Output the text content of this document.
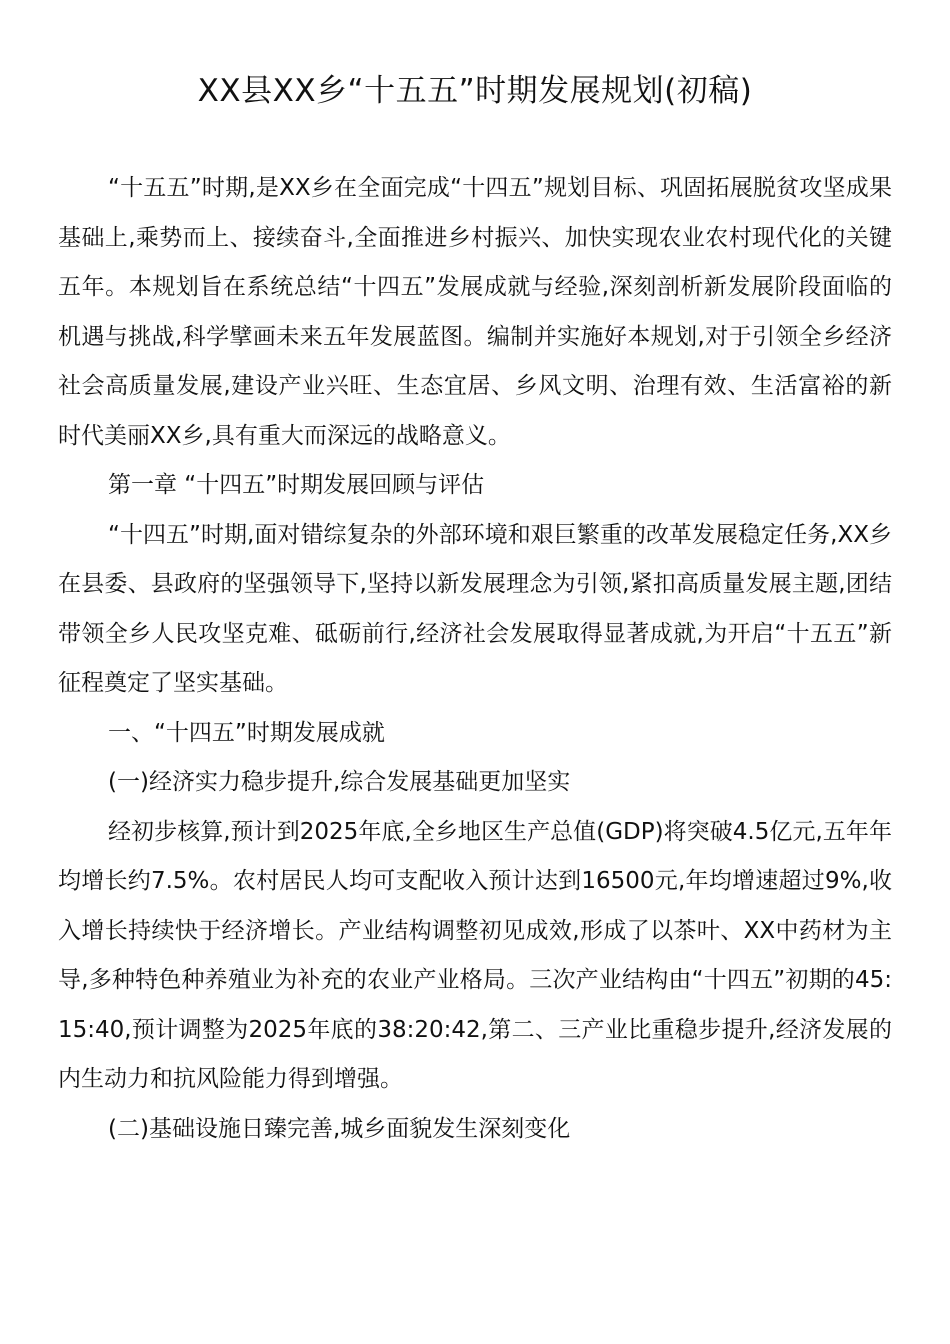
XX县XX乡“十五五”时期发展规划(初稿)

“十五五”时期,是XX乡在全面完成“十四五”规划目标、巩固拓展脱贫攻坚成果基础上,乘势而上、接续奋斗,全面推进乡村振兴、加快实现农业农村现代化的关键五年。本规划旨在系统总结“十四五”发展成就与经验,深刻剖析新发展阶段面临的机遇与挑战,科学擘画未来五年发展蓝图。编制并实施好本规划,对于引领全乡经济社会高质量发展,建设产业兴旺、生态宜居、乡风文明、治理有效、生活富裕的新时代美丽XX乡,具有重大而深远的战略意义。

第一章 “十四五”时期发展回顾与评估

“十四五”时期,面对错综复杂的外部环境和艰巨繁重的改革发展稳定任务,XX乡在县委、县政府的坚强领导下,坚持以新发展理念为引领,紧扣高质量发展主题,团结带领全乡人民攻坚克难、砥砺前行,经济社会发展取得显著成就,为开启“十五五”新征程奠定了坚实基础。

一、“十四五”时期发展成就

(一)经济实力稳步提升,综合发展基础更加坚实

经初步核算,预计到2025年底,全乡地区生产总值(GDP)将突破4.5亿元,五年年均增长约7.5%。农村居民人均可支配收入预计达到16500元,年均增速超过9%,收入增长持续快于经济增长。产业结构调整初见成效,形成了以茶叶、XX中药材为主导,多种特色种养殖业为补充的农业产业格局。三次产业结构由“十四五”初期的45:15:40,预计调整为2025年底的38:20:42,第二、三产业比重稳步提升,经济发展的内生动力和抗风险能力得到增强。

(二)基础设施日臻完善,城乡面貌发生深刻变化
